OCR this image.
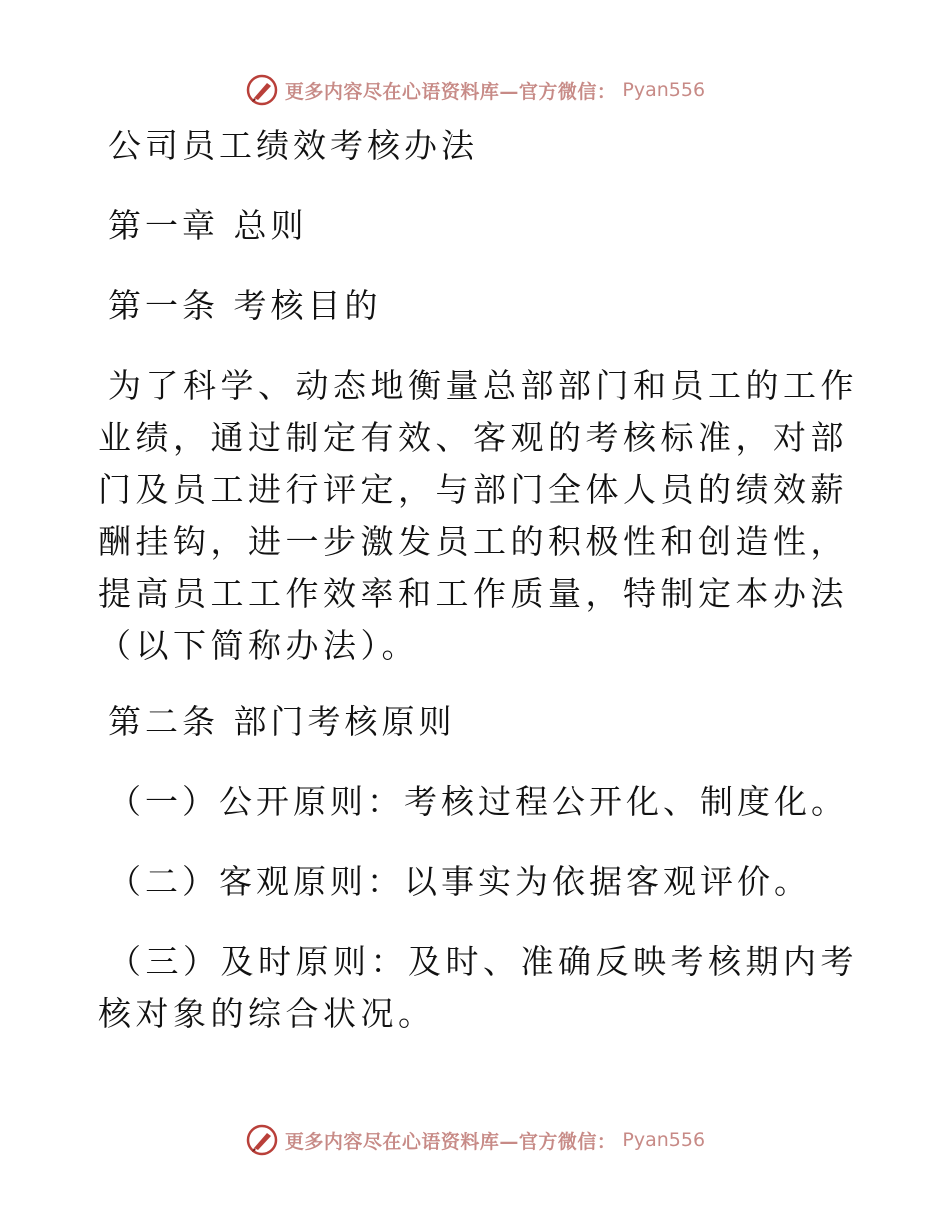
更多内容尽在心语资料库—官方微信： Pyan556

公司员工绩效考核办法

第一章 总则

第一条 考核目的

为了科学、动态地衡量总部部门和员工的工作业绩，通过制定有效、客观的考核标准，对部门及员工进行评定，与部门全体人员的绩效薪酬挂钩，进一步激发员工的积极性和创造性，提高员工工作效率和工作质量，特制定本办法（以下简称办法）。

第二条 部门考核原则

（一）公开原则：考核过程公开化、制度化。

（二）客观原则：以事实为依据客观评价。

（三）及时原则：及时、准确反映考核期内考核对象的综合状况。

更多内容尽在心语资料库—官方微信： Pyan556
